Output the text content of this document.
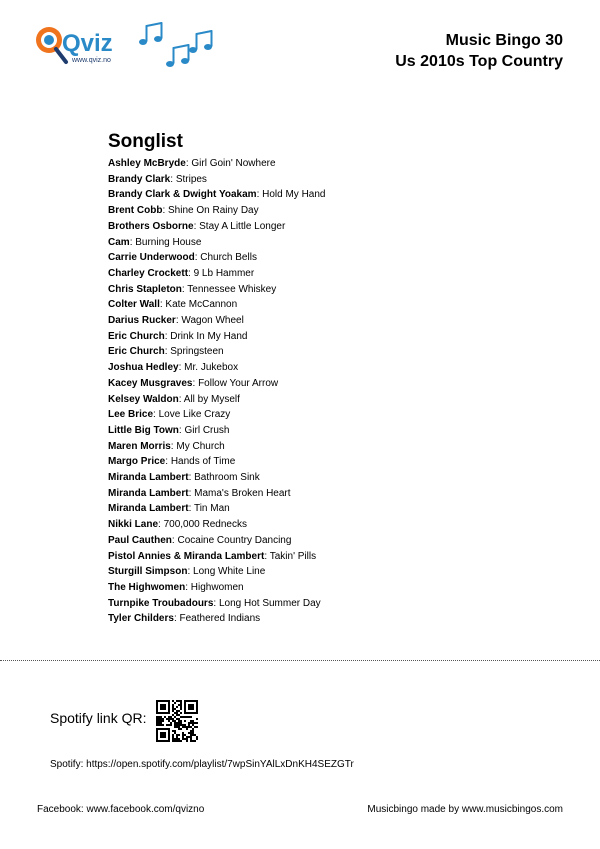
Qviz
www.qviz.no
Music Bingo 30
Us 2010s Top Country
Songlist
Ashley McBryde: Girl Goin' Nowhere
Brandy Clark: Stripes
Brandy Clark & Dwight Yoakam: Hold My Hand
Brent Cobb: Shine On Rainy Day
Brothers Osborne: Stay A Little Longer
Cam: Burning House
Carrie Underwood: Church Bells
Charley Crockett: 9 Lb Hammer
Chris Stapleton: Tennessee Whiskey
Colter Wall: Kate McCannon
Darius Rucker: Wagon Wheel
Eric Church: Drink In My Hand
Eric Church: Springsteen
Joshua Hedley: Mr. Jukebox
Kacey Musgraves: Follow Your Arrow
Kelsey Waldon: All by Myself
Lee Brice: Love Like Crazy
Little Big Town: Girl Crush
Maren Morris: My Church
Margo Price: Hands of Time
Miranda Lambert: Bathroom Sink
Miranda Lambert: Mama's Broken Heart
Miranda Lambert: Tin Man
Nikki Lane: 700,000 Rednecks
Paul Cauthen: Cocaine Country Dancing
Pistol Annies & Miranda Lambert: Takin' Pills
Sturgill Simpson: Long White Line
The Highwomen: Highwomen
Turnpike Troubadours: Long Hot Summer Day
Tyler Childers: Feathered Indians
Spotify link QR:
Spotify: https://open.spotify.com/playlist/7wpSinYAlLxDnKH4SEZGTr
Facebook: www.facebook.com/qvizno	Musicbingo made by www.musicbingos.com
